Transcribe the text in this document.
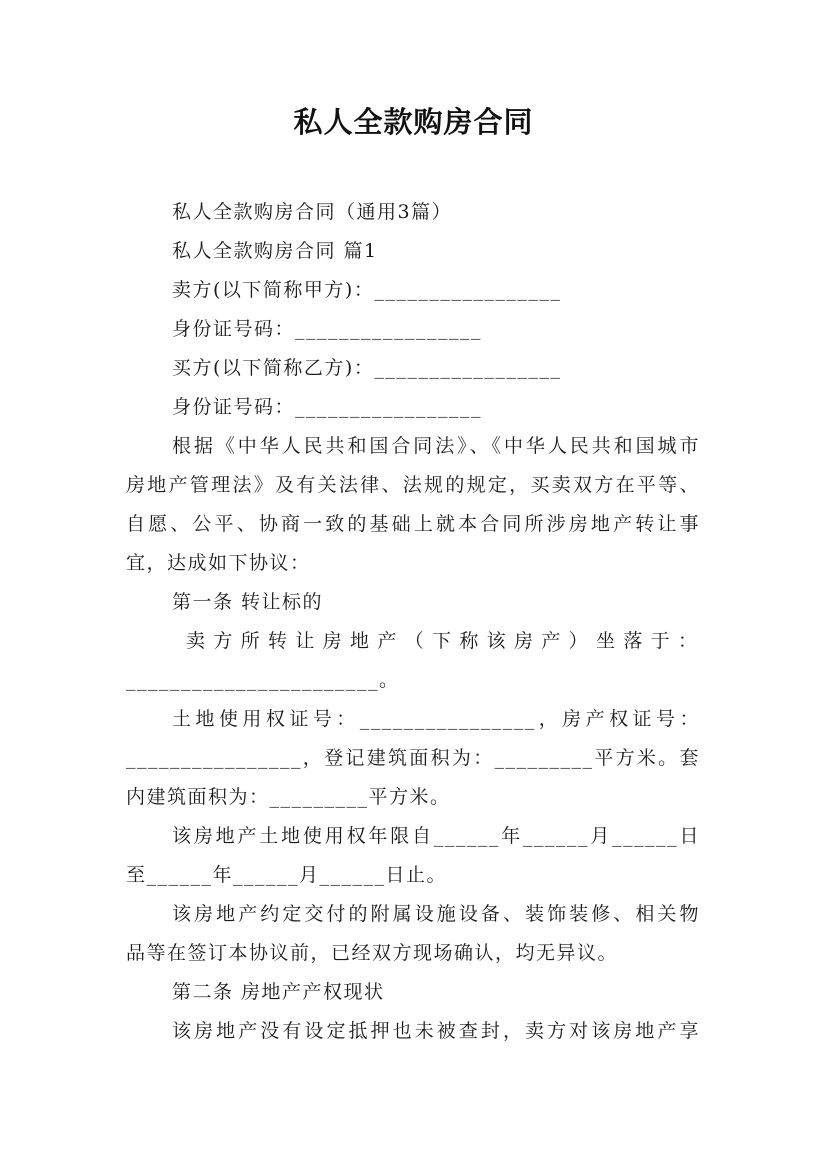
私人全款购房合同
私人全款购房合同（通用3篇）
私人全款购房合同 篇1
卖方(以下简称甲方)：_________________
身份证号码：_________________
买方(以下简称乙方)：_________________
身份证号码：_________________
根据《中华人民共和国合同法》、《中华人民共和国城市
房地产管理法》及有关法律、法规的规定，买卖双方在平等、
自愿、公平、协商一致的基础上就本合同所涉房地产转让事
宜，达成如下协议：
第一条 转让标的
卖方所转让房地产（下称该房产）坐落于：
_______________________。
土地使用权证号：________________，房产权证号：
________________，登记建筑面积为：_________平方米。套
内建筑面积为：_________平方米。
该房地产土地使用权年限自______年______月______日
至______年______月______日止。
该房地产约定交付的附属设施设备、装饰装修、相关物
品等在签订本协议前，已经双方现场确认，均无异议。
第二条 房地产产权现状
该房地产没有设定抵押也未被查封，卖方对该房地产享
